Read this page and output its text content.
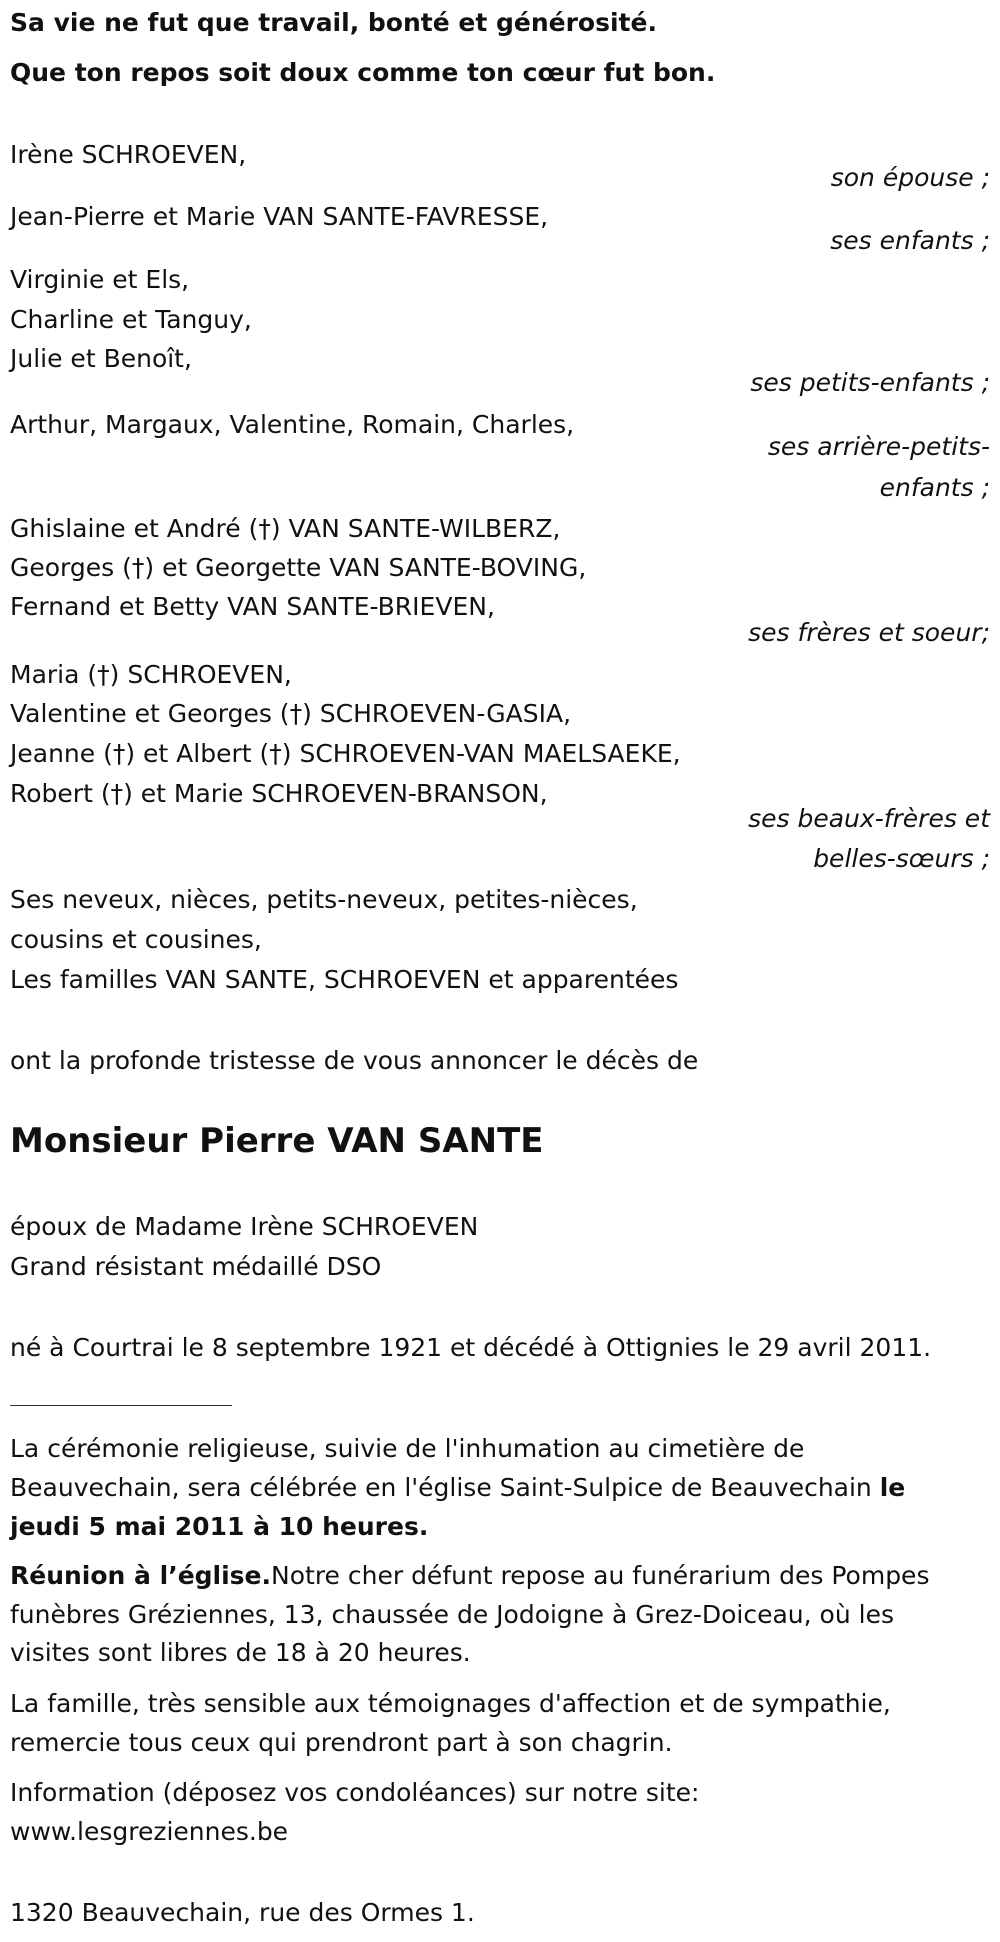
Sa vie ne fut que travail, bonté et générosité.
Que ton repos soit doux comme ton cœur fut bon.
Irène SCHROEVEN,
son épouse ;
Jean-Pierre et Marie VAN SANTE-FAVRESSE,
ses enfants ;
Virginie et Els,
Charline et Tanguy,
Julie et Benoît,
ses petits-enfants ;
Arthur, Margaux, Valentine, Romain, Charles,
ses arrière-petits-
enfants ;
Ghislaine et André (†) VAN SANTE-WILBERZ,
Georges (†) et Georgette VAN SANTE-BOVING,
Fernand et Betty VAN SANTE-BRIEVEN,
ses frères et soeur;
Maria (†) SCHROEVEN,
Valentine et Georges (†) SCHROEVEN-GASIA,
Jeanne (†) et Albert (†) SCHROEVEN-VAN MAELSAEKE,
Robert (†) et Marie SCHROEVEN-BRANSON,
ses beaux-frères et
belles-sœurs ;
Ses neveux, nièces, petits-neveux, petites-nièces,
cousins et cousines,
Les familles VAN SANTE, SCHROEVEN et apparentées
ont la profonde tristesse de vous annoncer le décès de
Monsieur Pierre VAN SANTE
époux de Madame Irène SCHROEVEN
Grand résistant médaillé DSO
né à Courtrai le 8 septembre 1921 et décédé à Ottignies le 29 avril 2011.
La cérémonie religieuse, suivie de l'inhumation au cimetière de
Beauvechain, sera célébrée en l'église Saint-Sulpice de Beauvechain le
jeudi 5 mai 2011 à 10 heures.
Réunion à l’église.Notre cher défunt repose au funérarium des Pompes
funèbres Gréziennes, 13, chaussée de Jodoigne à Grez-Doiceau, où les
visites sont libres de 18 à 20 heures.
La famille, très sensible aux témoignages d'affection et de sympathie,
remercie tous ceux qui prendront part à son chagrin.
Information (déposez vos condoléances) sur notre site:
www.lesgreziennes.be
1320 Beauvechain, rue des Ormes 1.
